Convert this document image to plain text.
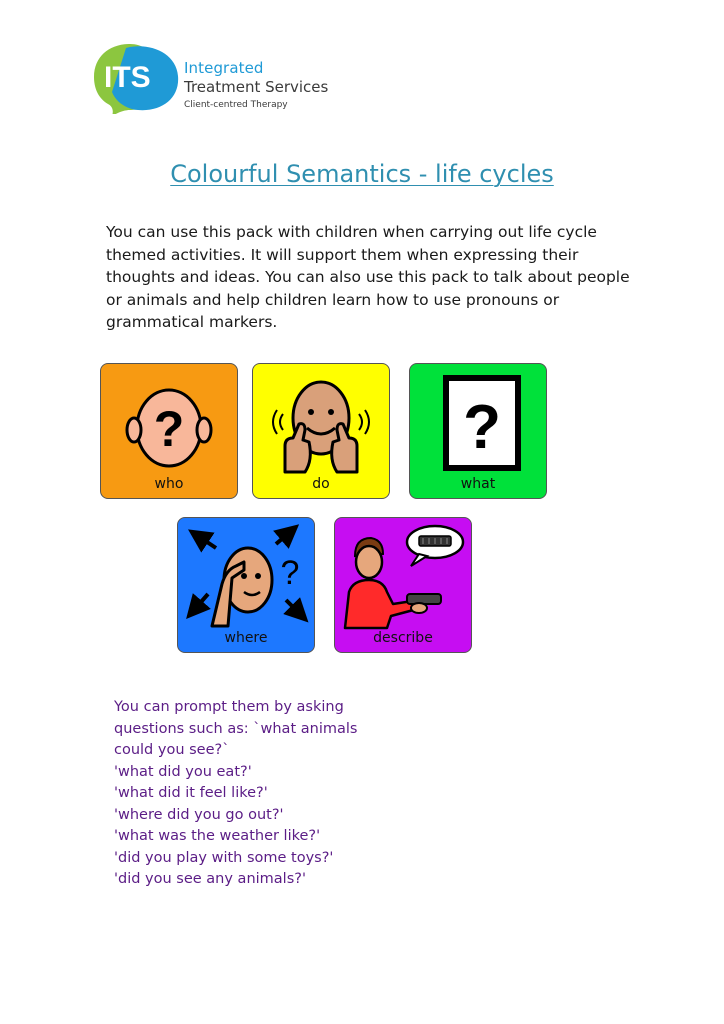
ITS Integrated
Treatment Services
Client-centred Therapy
Colourful Semantics - life cycles
You can use this pack with children when carrying out life cycle themed activities. It will support them when expressing their thoughts and ideas. You can also use this pack to talk about people or animals and help children learn how to use pronouns or grammatical markers.
?
who	do
?
what
?
where	describe
You can prompt them by asking
questions such as: `what animals
could you see?`
'what did you eat?'
'what did it feel like?'
'where did you go out?'
'what was the weather like?'
'did you play with some toys?'
'did you see any animals?'
